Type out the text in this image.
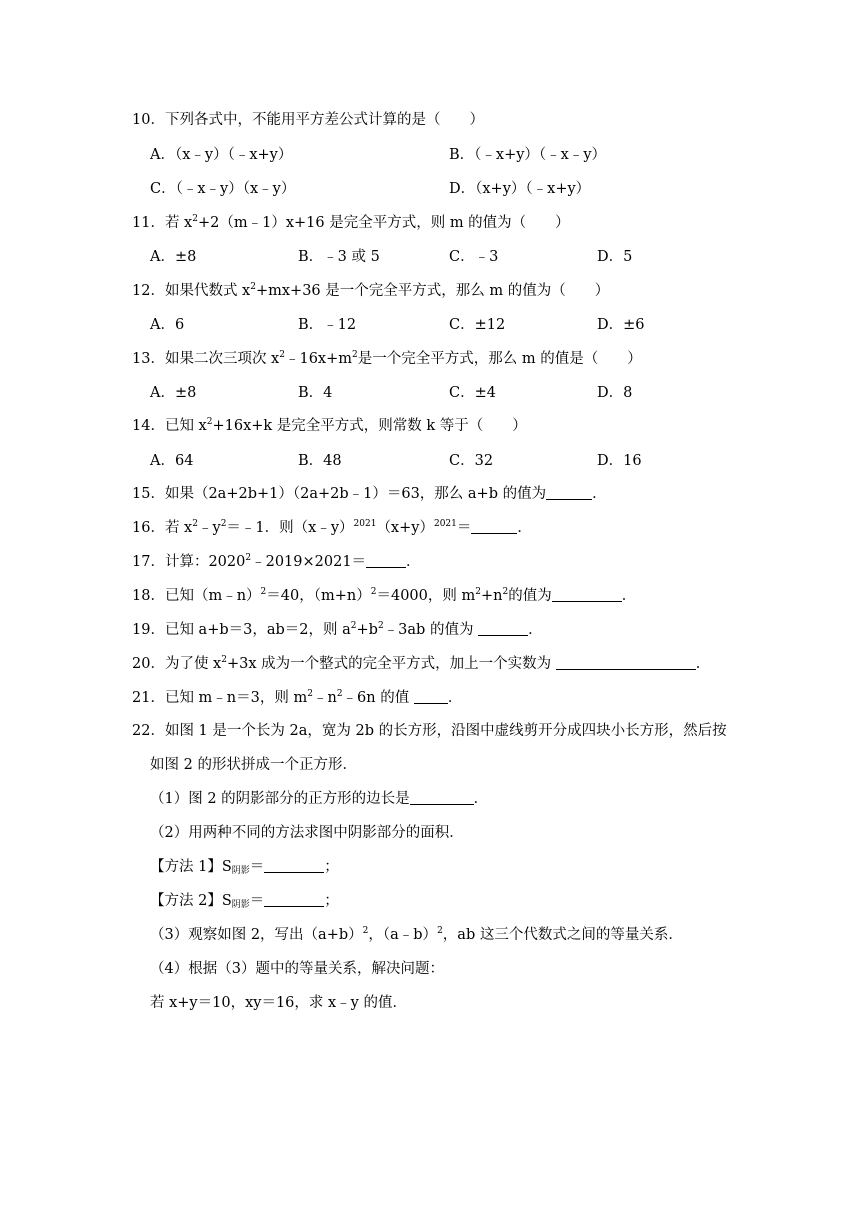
10．下列各式中，不能用平方差公式计算的是（　　）
A．（x﹣y）（﹣x+y）	B．（﹣x+y）（﹣x﹣y）
C．（﹣x﹣y）（x﹣y）	D．（x+y）（﹣x+y）
11．若 $x^2+2(m﹣1)x+16$ 是完全平方式，则 m 的值为（　　）
A．±8	B．﹣3 或 5	C．﹣3	D．5
12．如果代数式 $x^2+mx+36$ 是一个完全平方式，那么 m 的值为（　　）
A．6	B．﹣12	C．±12	D．±6
13．如果二次三项次 $x^2﹣16x+m^2$是一个完全平方式，那么 m 的值是（　　）
A．±8	B．4	C．±4	D．8
14．已知 $x^2+16x+k$ 是完全平方式，则常数 k 等于（　　）
A．64	B．48	C．32	D．16
15．如果（2a+2b+1）（2a+2b﹣1）＝63，那么 a+b 的值为	．
16．若 $x^2﹣y^2=﹣1$．则$(x﹣y)^{2021}(x+y)^{2021}=$	．
17．计算：$2020^2﹣2019\times 2021=$	．
18．已知（m﹣n）$^2$＝40，$(m+n)^2=4000$，则 $m^2+n^2$的值为	．
19．已知 a+b＝3，ab＝2，则 $a^2+b^2﹣3ab$ 的值为	．
20．为了使 $x^2+3x$ 成为一个整式的完全平方式，加上一个实数为	．
21．已知 m﹣n＝3，则 $m^2﹣n^2﹣6n$ 的值 ．
22．如图 1 是一个长为 2a，宽为 2b 的长方形，沿图中虚线剪开分成四块小长方形，然后按
如图 2 的形状拼成一个正方形．
（1）图 2 的阴影部分的正方形的边长是	．
（2）用两种不同的方法求图中阴影部分的面积．
【方法 1】$S_{阴影}=$	；
【方法 2】$S_{阴影}=$	；
（3）观察如图 2，写出$(a+b)^2$，（a﹣b）$^2$，ab 这三个代数式之间的等量关系．
（4）根据（3）题中的等量关系，解决问题：
若 x+y＝10，xy＝16，求 x﹣y 的值．
